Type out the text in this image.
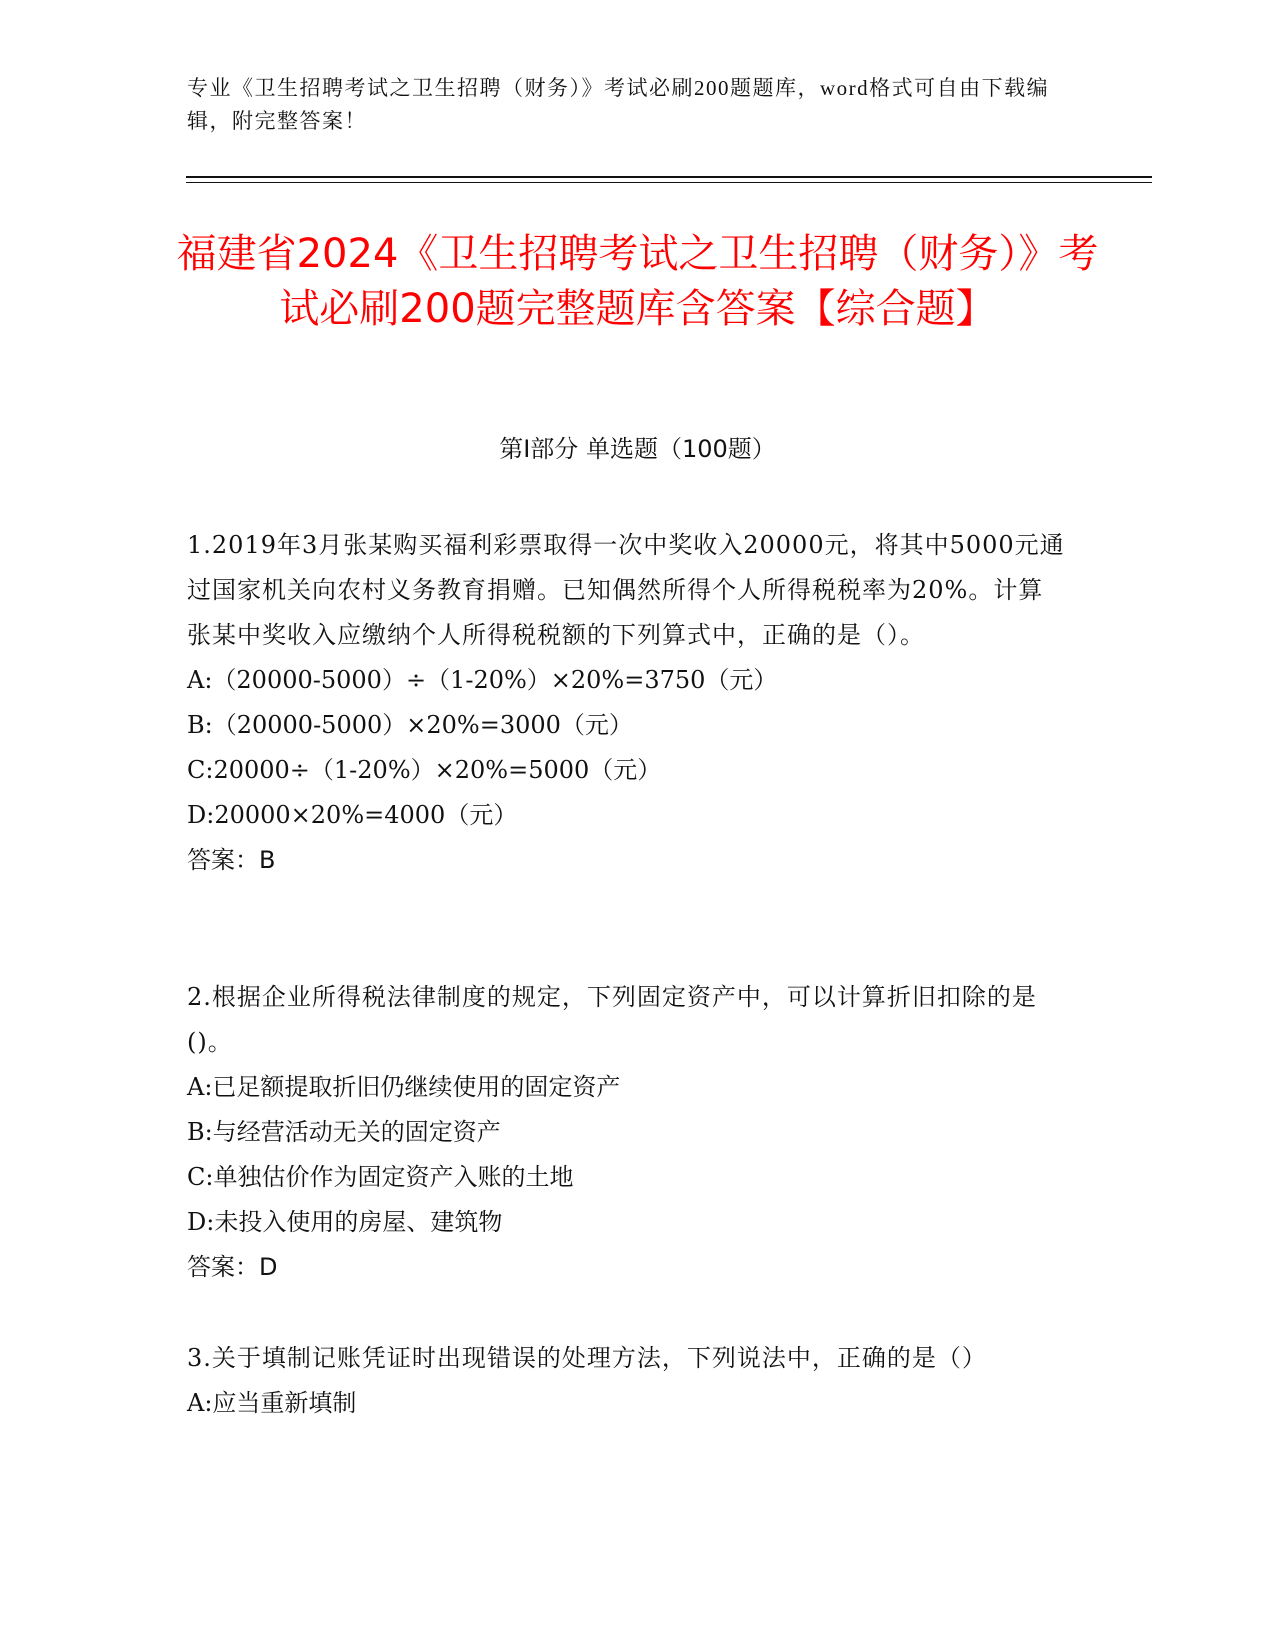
专业《卫生招聘考试之卫生招聘（财务）》考试必刷200题题库，word格式可自由下载编辑，附完整答案！
福建省2024《卫生招聘考试之卫生招聘（财务）》考试必刷200题完整题库含答案【综合题】
第I部分 单选题（100题）
1.2019年3月张某购买福利彩票取得一次中奖收入20000元，将其中5000元通过国家机关向农村义务教育捐赠。已知偶然所得个人所得税税率为20%。计算张某中奖收入应缴纳个人所得税税额的下列算式中，正确的是（）。
A:（20000-5000）÷（1-20%）×20%=3750（元）
B:（20000-5000）×20%=3000（元）
C:20000÷（1-20%）×20%=5000（元）
D:20000×20%=4000（元）
答案：B
2.根据企业所得税法律制度的规定，下列固定资产中，可以计算折旧扣除的是()。
A:已足额提取折旧仍继续使用的固定资产
B:与经营活动无关的固定资产
C:单独估价作为固定资产入账的土地
D:未投入使用的房屋、建筑物
答案：D
3.关于填制记账凭证时出现错误的处理方法，下列说法中，正确的是（）
A:应当重新填制
